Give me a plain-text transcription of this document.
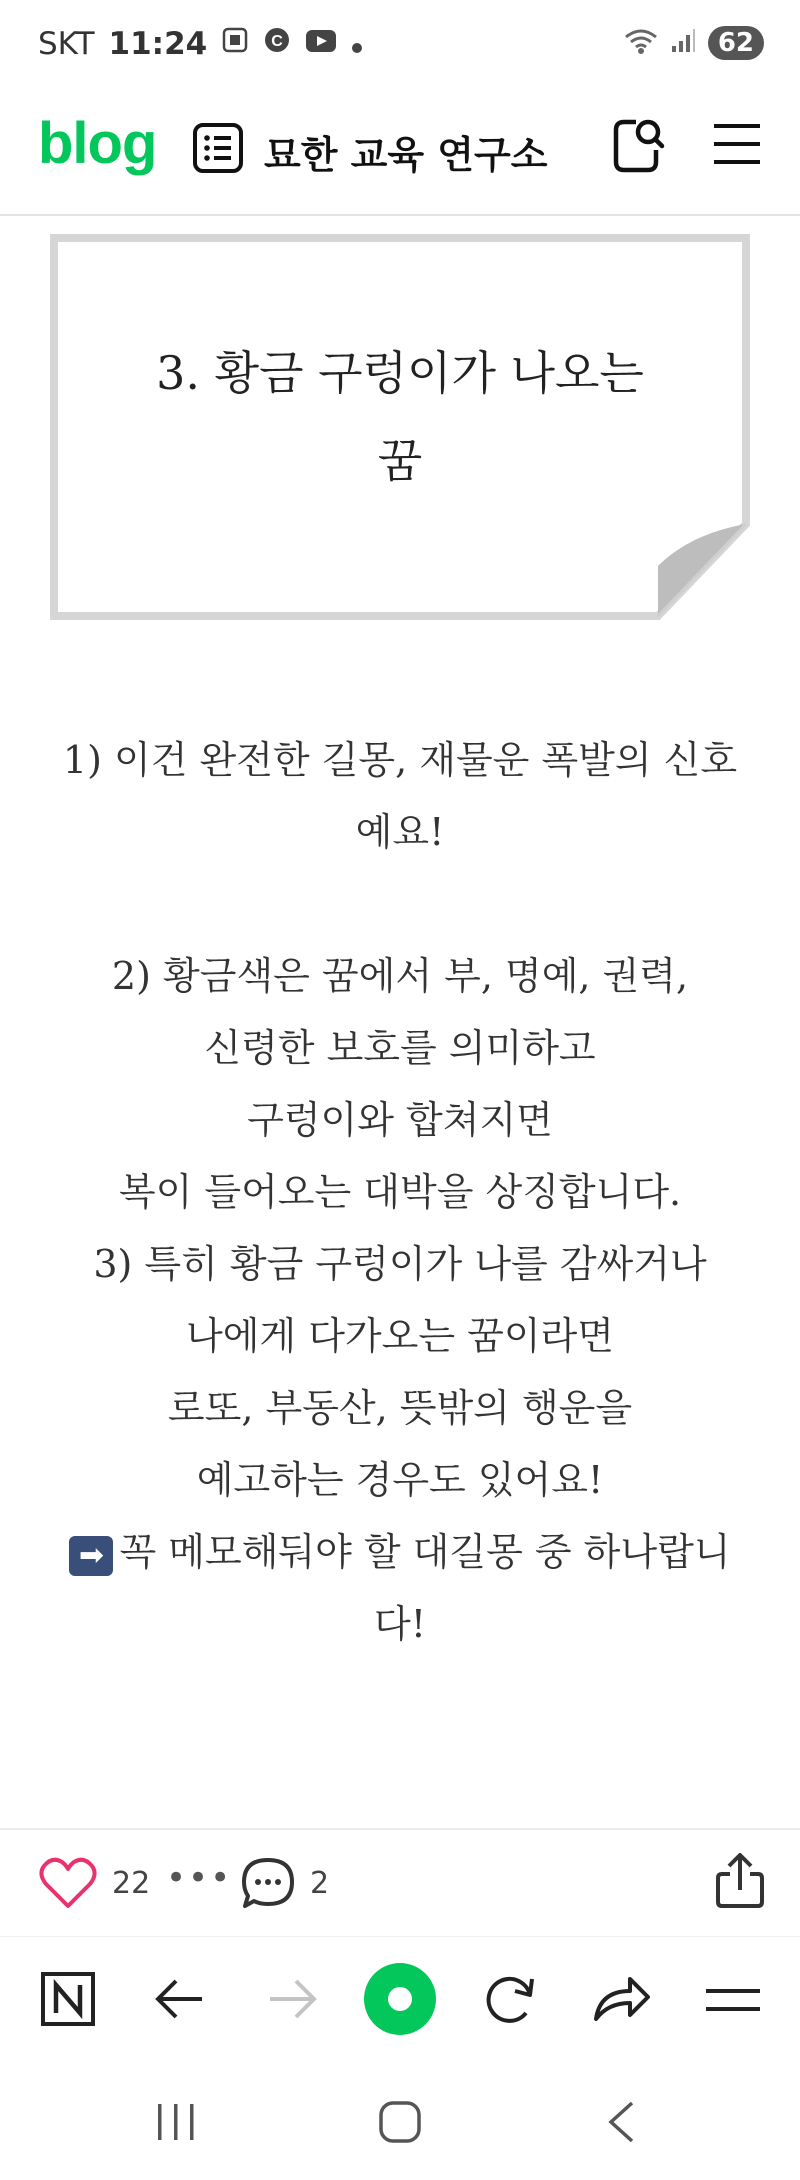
SKT 11:24	C	62
blog	묘한 교육 연구소
3. 황금 구렁이가 나오는
꿈
1) 이건 완전한 길몽, 재물운 폭발의 신호
예요!
2) 황금색은 꿈에서 부, 명예, 권력,
신령한 보호를 의미하고
구렁이와 합쳐지면
복이 들어오는 대박을 상징합니다.
3) 특히 황금 구렁이가 나를 감싸거나
나에게 다가오는 꿈이라면
로또, 부동산, 뜻밖의 행운을
예고하는 경우도 있어요!
➡ 꼭 메모해둬야 할 대길몽 중 하나랍니
다!
22 •••	2
